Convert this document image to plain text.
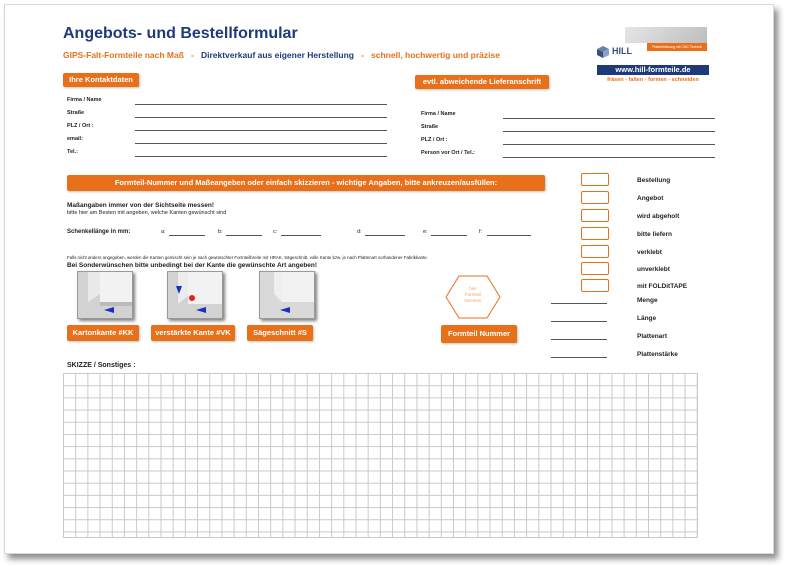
Angebots- und Bestellformular
GIPS-Falt-Formteile nach Maß - Direktverkauf aus eigener Herstellung - schnell, hochwertig und präzise
Plattenfräsung mit CNC Technik
HILL
www.hill-formteile.de
fräsen - falten - formen - schneiden
Ihre Kontaktdaten
Firma / Name
Straße
PLZ / Ort :
email:
Tel.:
evtl. abweichende Lieferanschrift
Firma / Name
Straße
PLZ / Ort :
Person vor Ort / Tel.:
Formteil-Nummer und Maßeangeben oder einfach skizzieren - wichtige Angaben, bitte ankreuzen/ausfüllen:
Maßangaben immer von der Sichtseite messen!
bitte hier am Besten mit angeben, welche Kanten gewünscht sind
Schenkellänge in mm:	a:	b:	c:	d:	e:	f:
Falls nicht anders angegeben, werden die Kanten gemischt sein je nach gewünschter Formteilbreite mit HRAK, Sägeschnitt, volle Kante bzw. je nach Plattenart vorhandener Fabrikkante.
Bei Sonderwünschen bitte unbedingt bei der Kante die gewünschte Art angeben!
Kartonkante #KK	verstärkte Kante #VK	Sägeschnitt #S
hier
Formteil
Nummer
Formteil Nummer
Bestellung
Angebot
wird abgeholt
bitte liefern
verklebt
unverklebt
mit FOLDitTAPE
Menge
Länge
Plattenart
Plattenstärke
SKIZZE / Sonstiges :
